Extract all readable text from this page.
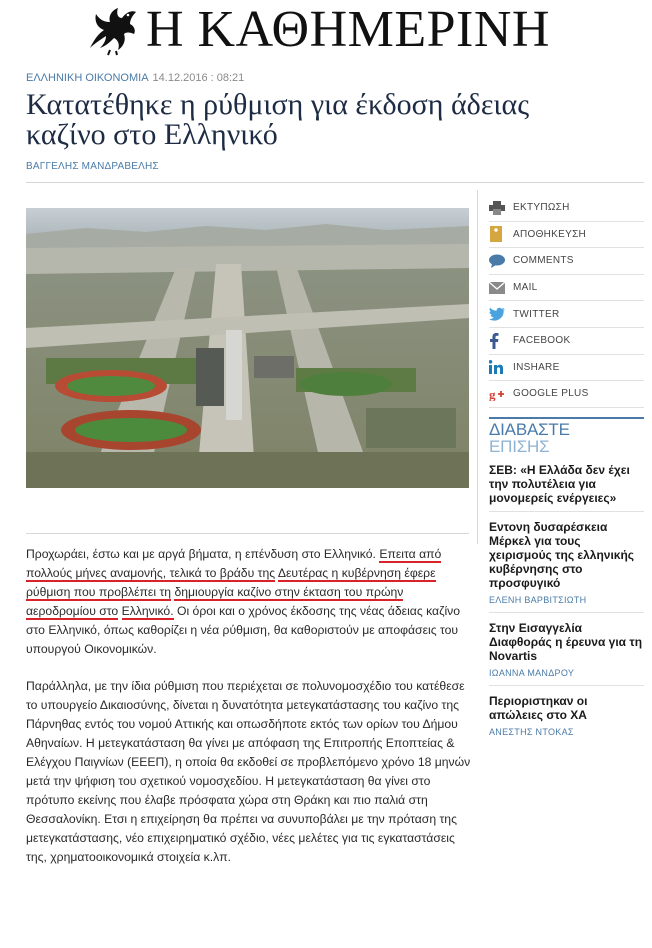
Η ΚΑΘΗΜΕΡΙΝΗ
ΕΛΛΗΝΙΚΗ ΟΙΚΟΝΟΜΙΑ 14.12.2016 : 08:21
Κατατέθηκε η ρύθμιση για έκδοση άδειας
καζίνο στο Ελληνικό
ΒΑΓΓΕΛΗΣ ΜΑΝΔΡΑΒΕΛΗΣ
ΕΚΤΥΠΩΣΗ
ΑΠΟΘΗΚΕΥΣΗ
COMMENTS
MAIL
TWITTER
FACEBOOK
INSHARE
g GOOGLE PLUS
ΔΙΑΒΑΣΤΕ
ΕΠΙΣΗΣ
ΣΕΒ: «Η Ελλάδα δεν έχει την πολυτέλεια για μονομερείς ενέργειες»
Εντονη δυσαρέσκεια Μέρκελ για τους χειρισμούς της ελληνικής κυβέρνησης στο προσφυγικό
ΕΛΕΝΗ ΒΑΡΒΙΤΣΙΩΤΗ
Στην Εισαγγελία Διαφθοράς η έρευνα για τη Novartis
ΙΩΑΝΝΑ ΜΑΝΔΡΟΥ
Περιοριστηκαν οι απώλειες στο ΧΑ
ΑΝΕΣΤΗΣ ΝΤΟΚΑΣ

Προχωράει, έστω και με αργά βήματα, η επένδυση στο Ελληνικό. Επειτα από πολλούς μήνες αναμονής, τελικά το βράδυ της Δευτέρας η κυβέρνηση έφερε ρύθμιση που προβλέπει τη δημιουργία καζίνο στην έκταση του πρώην αεροδρομίου στο Ελληνικό. Οι όροι και ο χρόνος έκδοσης της νέας άδειας καζίνο στο Ελληνικό, όπως καθορίζει η νέα ρύθμιση, θα καθοριστούν με αποφάσεις του υπουργού Οικονομικών.

Παράλληλα, με την ίδια ρύθμιση που περιέχεται σε πολυνομοσχέδιο του κατέθεσε το υπουργείο Δικαιοσύνης, δίνεται η δυνατότητα μετεγκατάστασης του καζίνο της Πάρνηθας εντός του νομού Αττικής και οπωσδήποτε εκτός των ορίων του Δήμου Αθηναίων. Η μετεγκατάσταση θα γίνει με απόφαση της Επιτροπής Εποπτείας & Ελέγχου Παιγνίων (ΕΕΕΠ), η οποία θα εκδοθεί σε προβλεπόμενο χρόνο 18 μηνών μετά την ψήφιση του σχετικού νομοσχεδίου. Η μετεγκατάσταση θα γίνει στο πρότυπο εκείνης που έλαβε πρόσφατα χώρα στη Θράκη και πιο παλιά στη Θεσσαλονίκη. Ετσι η επιχείρηση θα πρέπει να συνυποβάλει με την πρόταση της μετεγκατάστασης, νέο επιχειρηματικό σχέδιο, νέες μελέτες για τις εγκαταστάσεις της, χρηματοοικονομικά στοιχεία κ.λπ.
